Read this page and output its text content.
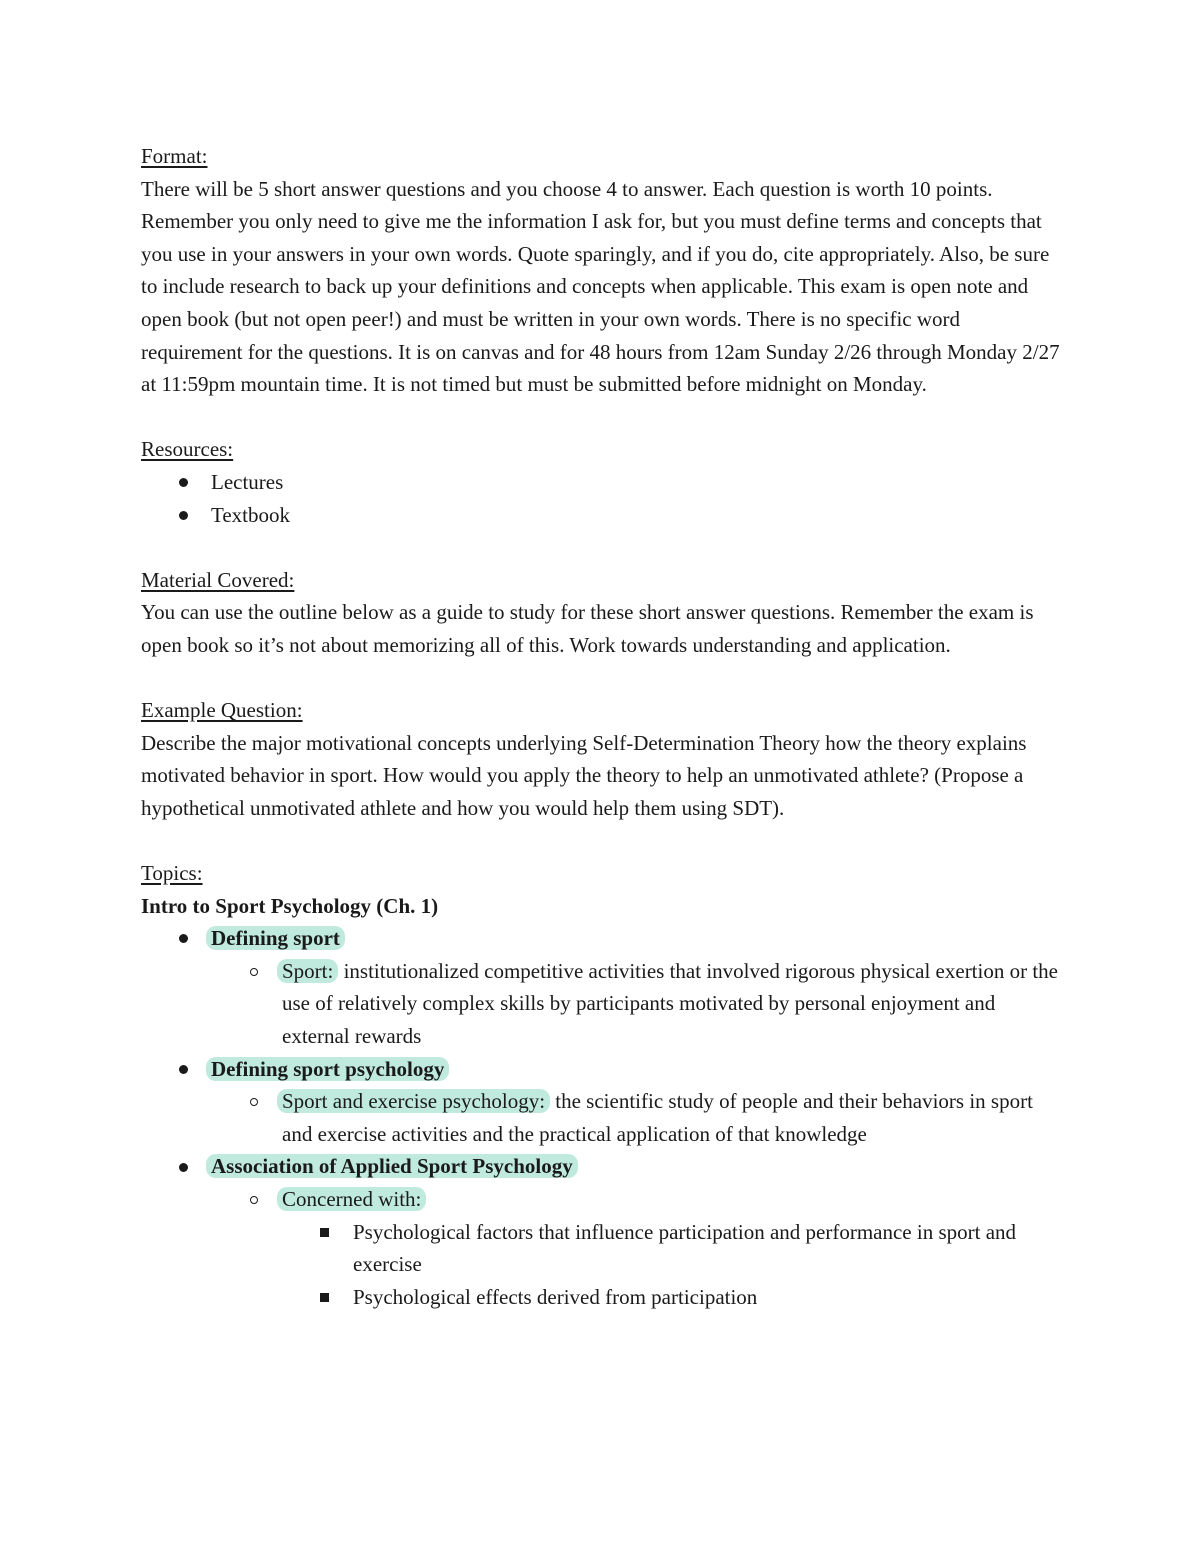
Format:

There will be 5 short answer questions and you choose 4 to answer. Each question is worth 10 points. Remember you only need to give me the information I ask for, but you must define terms and concepts that you use in your answers in your own words. Quote sparingly, and if you do, cite appropriately. Also, be sure to include research to back up your definitions and concepts when applicable. This exam is open note and open book (but not open peer!) and must be written in your own words. There is no specific word requirement for the questions. It is on canvas and for 48 hours from 12am Sunday 2/26 through Monday 2/27 at 11:59pm mountain time. It is not timed but must be submitted before midnight on Monday.

Resources:

Lectures
Textbook

Material Covered:

You can use the outline below as a guide to study for these short answer questions. Remember the exam is open book so it’s not about memorizing all of this. Work towards understanding and application.

Example Question:

Describe the major motivational concepts underlying Self-Determination Theory how the theory explains motivated behavior in sport. How would you apply the theory to help an unmotivated athlete? (Propose a hypothetical unmotivated athlete and how you would help them using SDT).

Topics:

Intro to Sport Psychology (Ch. 1)

Defining sport
Sport: institutionalized competitive activities that involved rigorous physical exertion or the use of relatively complex skills by participants motivated by personal enjoyment and external rewards
Defining sport psychology
Sport and exercise psychology: the scientific study of people and their behaviors in sport and exercise activities and the practical application of that knowledge
Association of Applied Sport Psychology
Concerned with:
Psychological factors that influence participation and performance in sport and exercise
Psychological effects derived from participation
